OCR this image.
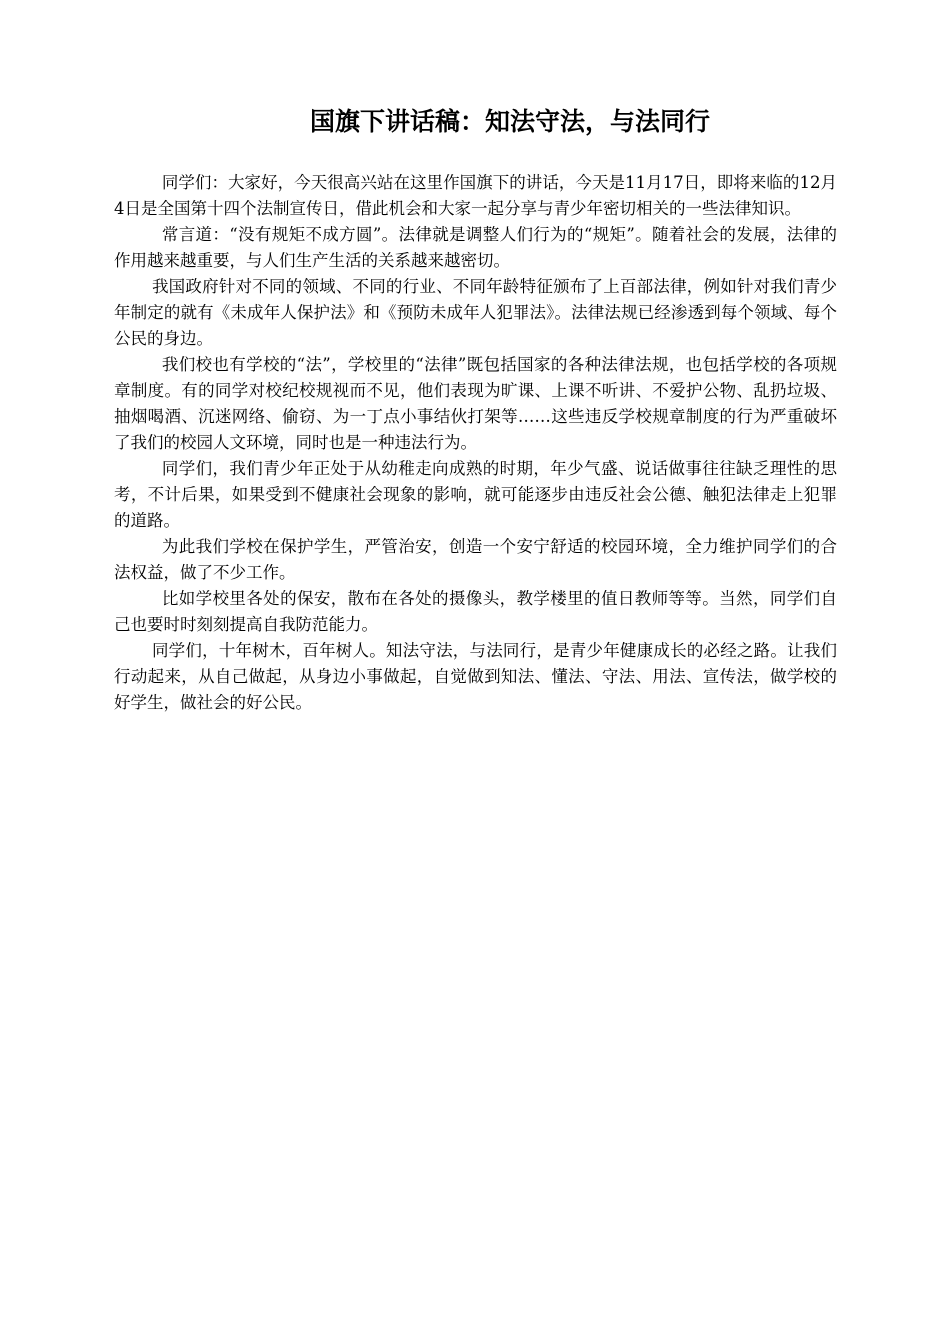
国旗下讲话稿：知法守法，与法同行

同学们：大家好，今天很高兴站在这里作国旗下的讲话，今天是11月17日，即将来临的12月4日是全国第十四个法制宣传日，借此机会和大家一起分享与青少年密切相关的一些法律知识。

常言道：“没有规矩不成方圆”。法律就是调整人们行为的“规矩”。随着社会的发展，法律的作用越来越重要，与人们生产生活的关系越来越密切。

我国政府针对不同的领域、不同的行业、不同年龄特征颁布了上百部法律，例如针对我们青少年制定的就有《未成年人保护法》和《预防未成年人犯罪法》。法律法规已经渗透到每个领域、每个公民的身边。

我们校也有学校的“法”，学校里的“法律”既包括国家的各种法律法规，也包括学校的各项规章制度。有的同学对校纪校规视而不见，他们表现为旷课、上课不听讲、不爱护公物、乱扔垃圾、抽烟喝酒、沉迷网络、偷窃、为一丁点小事结伙打架等……这些违反学校规章制度的行为严重破坏了我们的校园人文环境，同时也是一种违法行为。

同学们，我们青少年正处于从幼稚走向成熟的时期，年少气盛、说话做事往往缺乏理性的思考，不计后果，如果受到不健康社会现象的影响，就可能逐步由违反社会公德、触犯法律走上犯罪的道路。

为此我们学校在保护学生，严管治安，创造一个安宁舒适的校园环境，全力维护同学们的合法权益，做了不少工作。

比如学校里各处的保安，散布在各处的摄像头，教学楼里的值日教师等等。当然，同学们自己也要时时刻刻提高自我防范能力。

同学们，十年树木，百年树人。知法守法，与法同行，是青少年健康成长的必经之路。让我们行动起来，从自己做起，从身边小事做起，自觉做到知法、懂法、守法、用法、宣传法，做学校的好学生，做社会的好公民。
